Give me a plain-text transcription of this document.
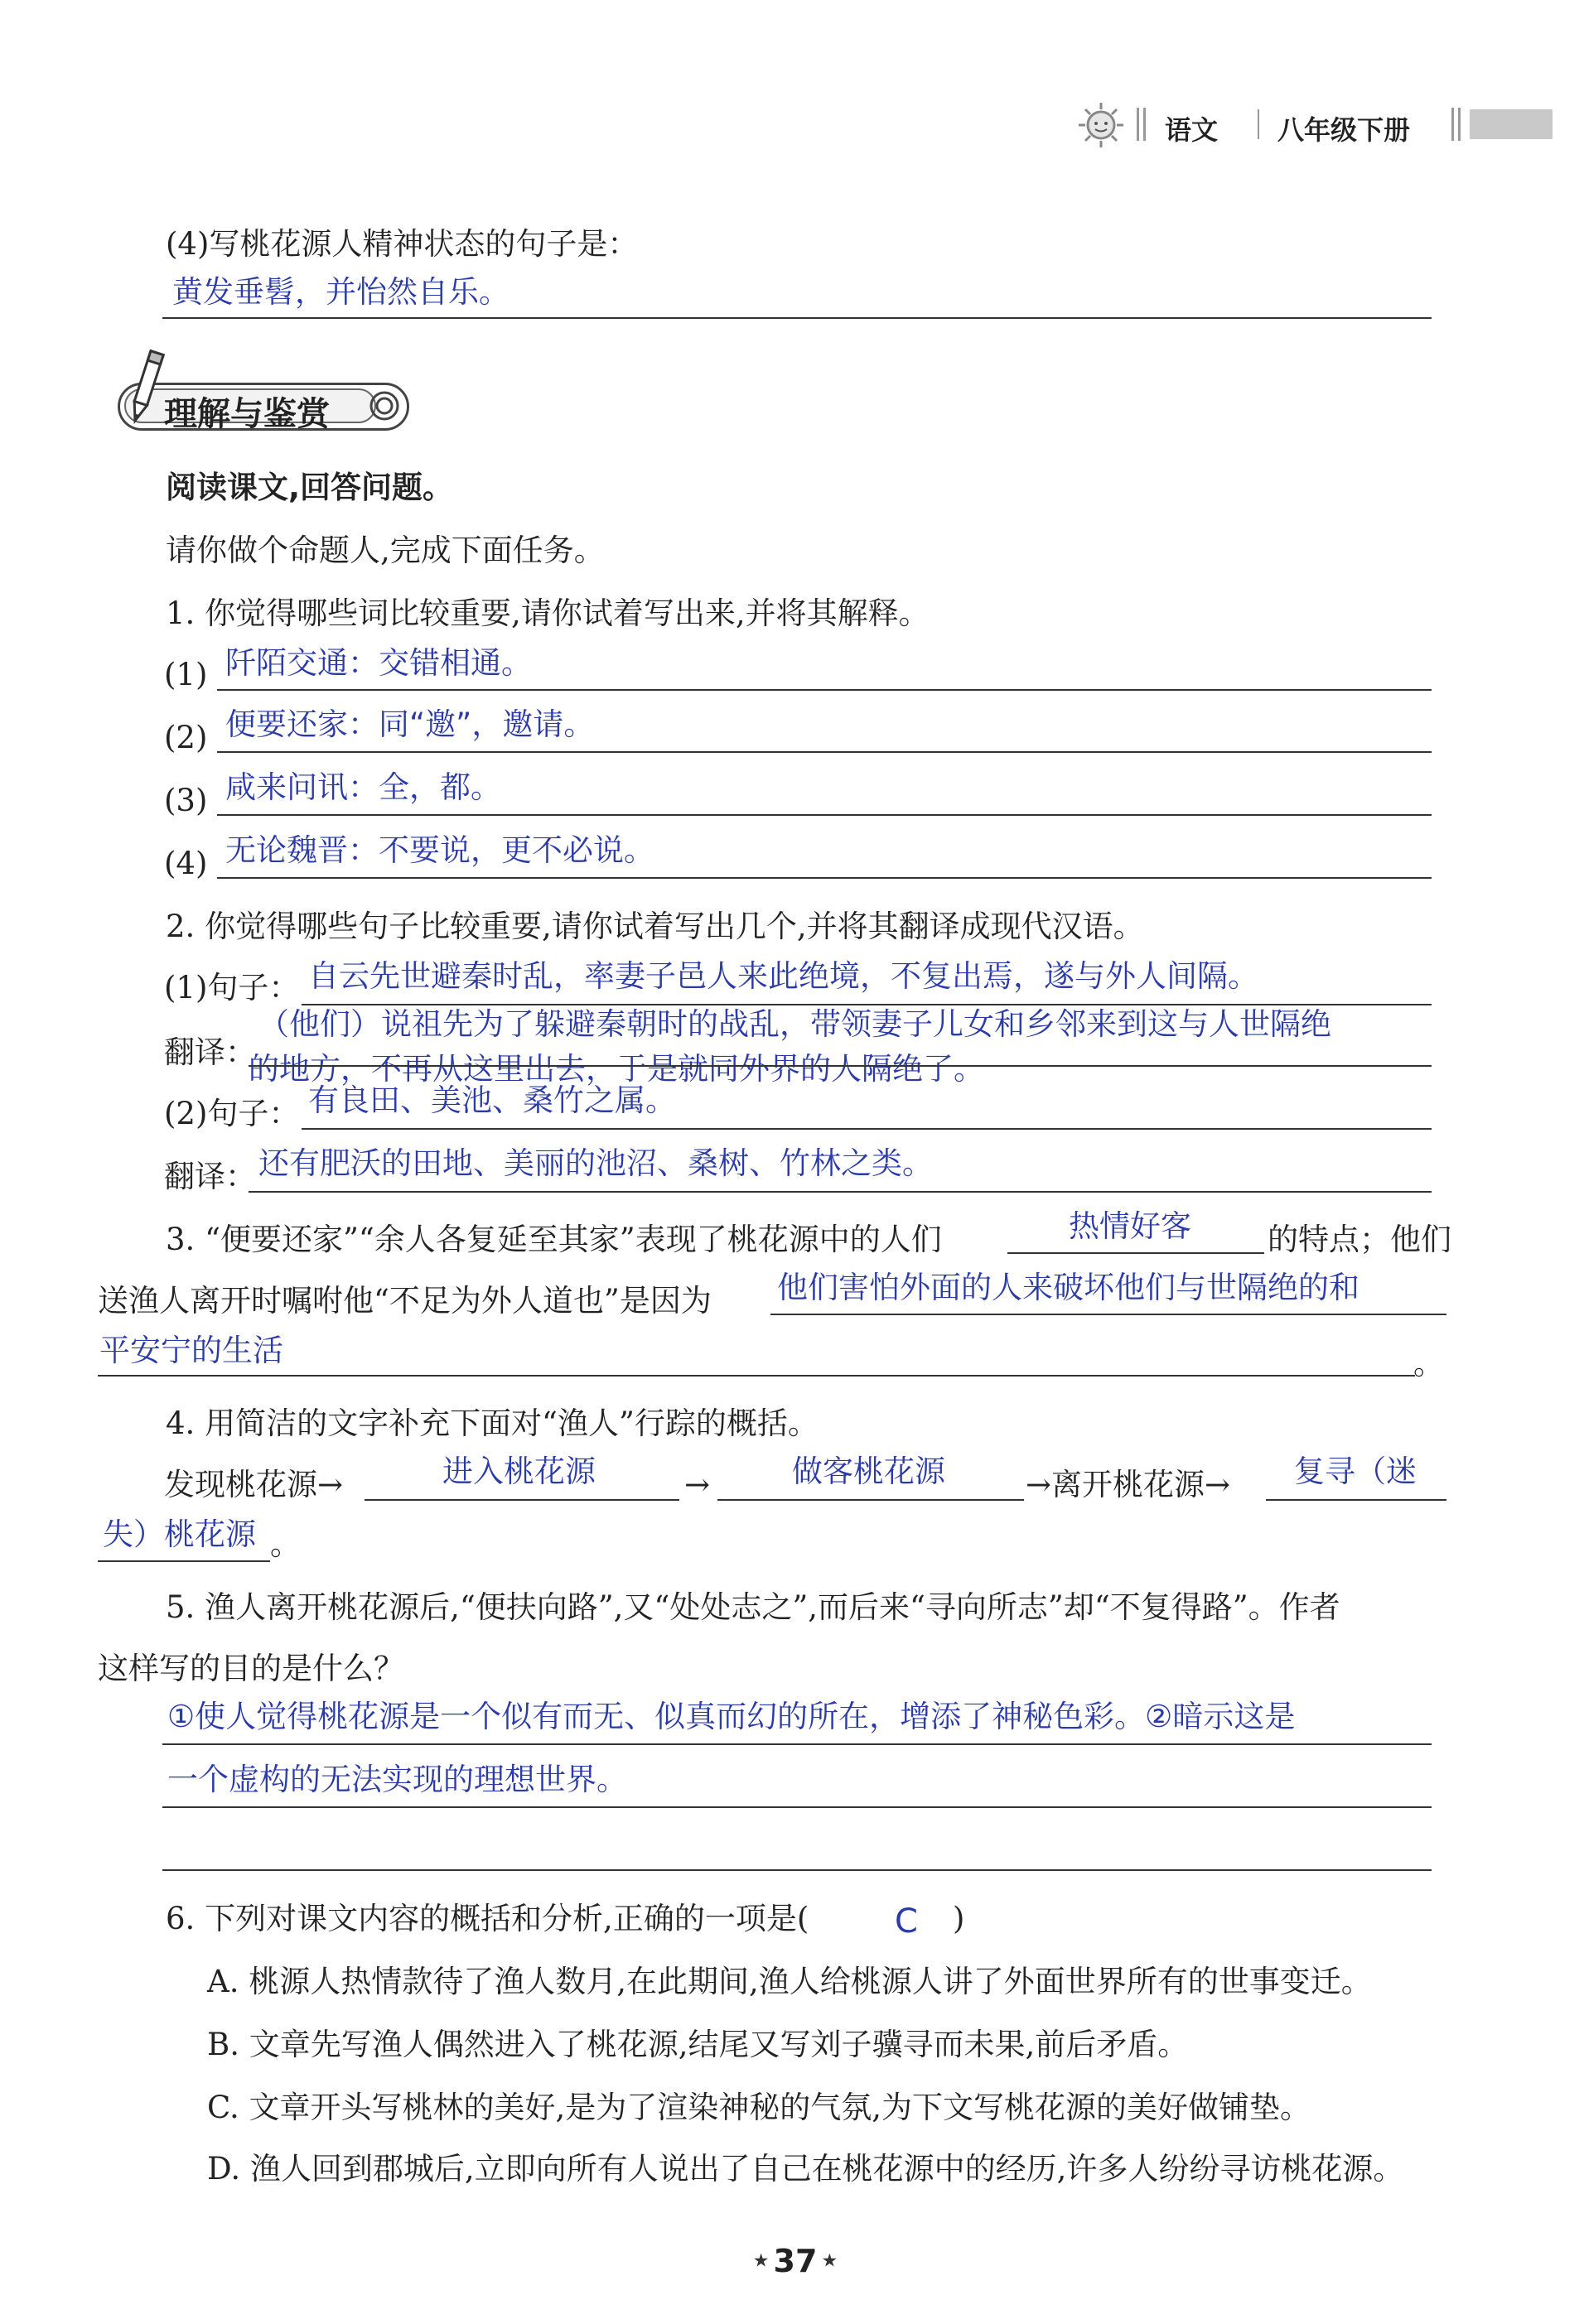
语文 八年级下册
(4)写桃花源人精神状态的句子是：
黄发垂髫，并怡然自乐。
理解与鉴赏
阅读课文,回答问题。
请你做个命题人,完成下面任务。
1. 你觉得哪些词比较重要,请你试着写出来,并将其解释。
(1) 阡陌交通：交错相通。
(2) 便要还家：同“邀”，邀请。
(3) 咸来问讯：全，都。
(4) 无论魏晋：不要说，更不必说。
2. 你觉得哪些句子比较重要,请你试着写出几个,并将其翻译成现代汉语。
(1)句子： 自云先世避秦时乱，率妻子邑人来此绝境，不复出焉，遂与外人间隔。
翻译：
（他们）说祖先为了躲避秦朝时的战乱，带领妻子儿女和乡邻来到这与人世隔绝
的地方，不再从这里出去，于是就同外界的人隔绝了。
(2)句子： 有良田、美池、桑竹之属。
翻译： 还有肥沃的田地、美丽的池沼、桑树、竹林之类。
3. “便要还家”“余人各复延至其家”表现了桃花源中的人们	热情好客 的特点；他们
送渔人离开时嘱咐他“不足为外人道也”是因为 他们害怕外面的人来破坏他们与世隔绝的和
平安宁的生活	。
4. 用简洁的文字补充下面对“渔人”行踪的概括。
发现桃花源→	进入桃花源	→	做客桃花源	→离开桃花源→ 复寻（迷
失）桃花源 。
5. 渔人离开桃花源后,“便扶向路”,又“处处志之”,而后来“寻向所志”却“不复得路”。作者
这样写的目的是什么？
①使人觉得桃花源是一个似有而无、似真而幻的所在，增添了神秘色彩。②暗示这是
一个虚构的无法实现的理想世界。
6. 下列对课文内容的概括和分析,正确的一项是(	C )
A. 桃源人热情款待了渔人数月,在此期间,渔人给桃源人讲了外面世界所有的世事变迁。
B. 文章先写渔人偶然进入了桃花源,结尾又写刘子骥寻而未果,前后矛盾。
C. 文章开头写桃林的美好,是为了渲染神秘的气氛,为下文写桃花源的美好做铺垫。
D. 渔人回到郡城后,立即向所有人说出了自己在桃花源中的经历,许多人纷纷寻访桃花源。
★ 37 ★
